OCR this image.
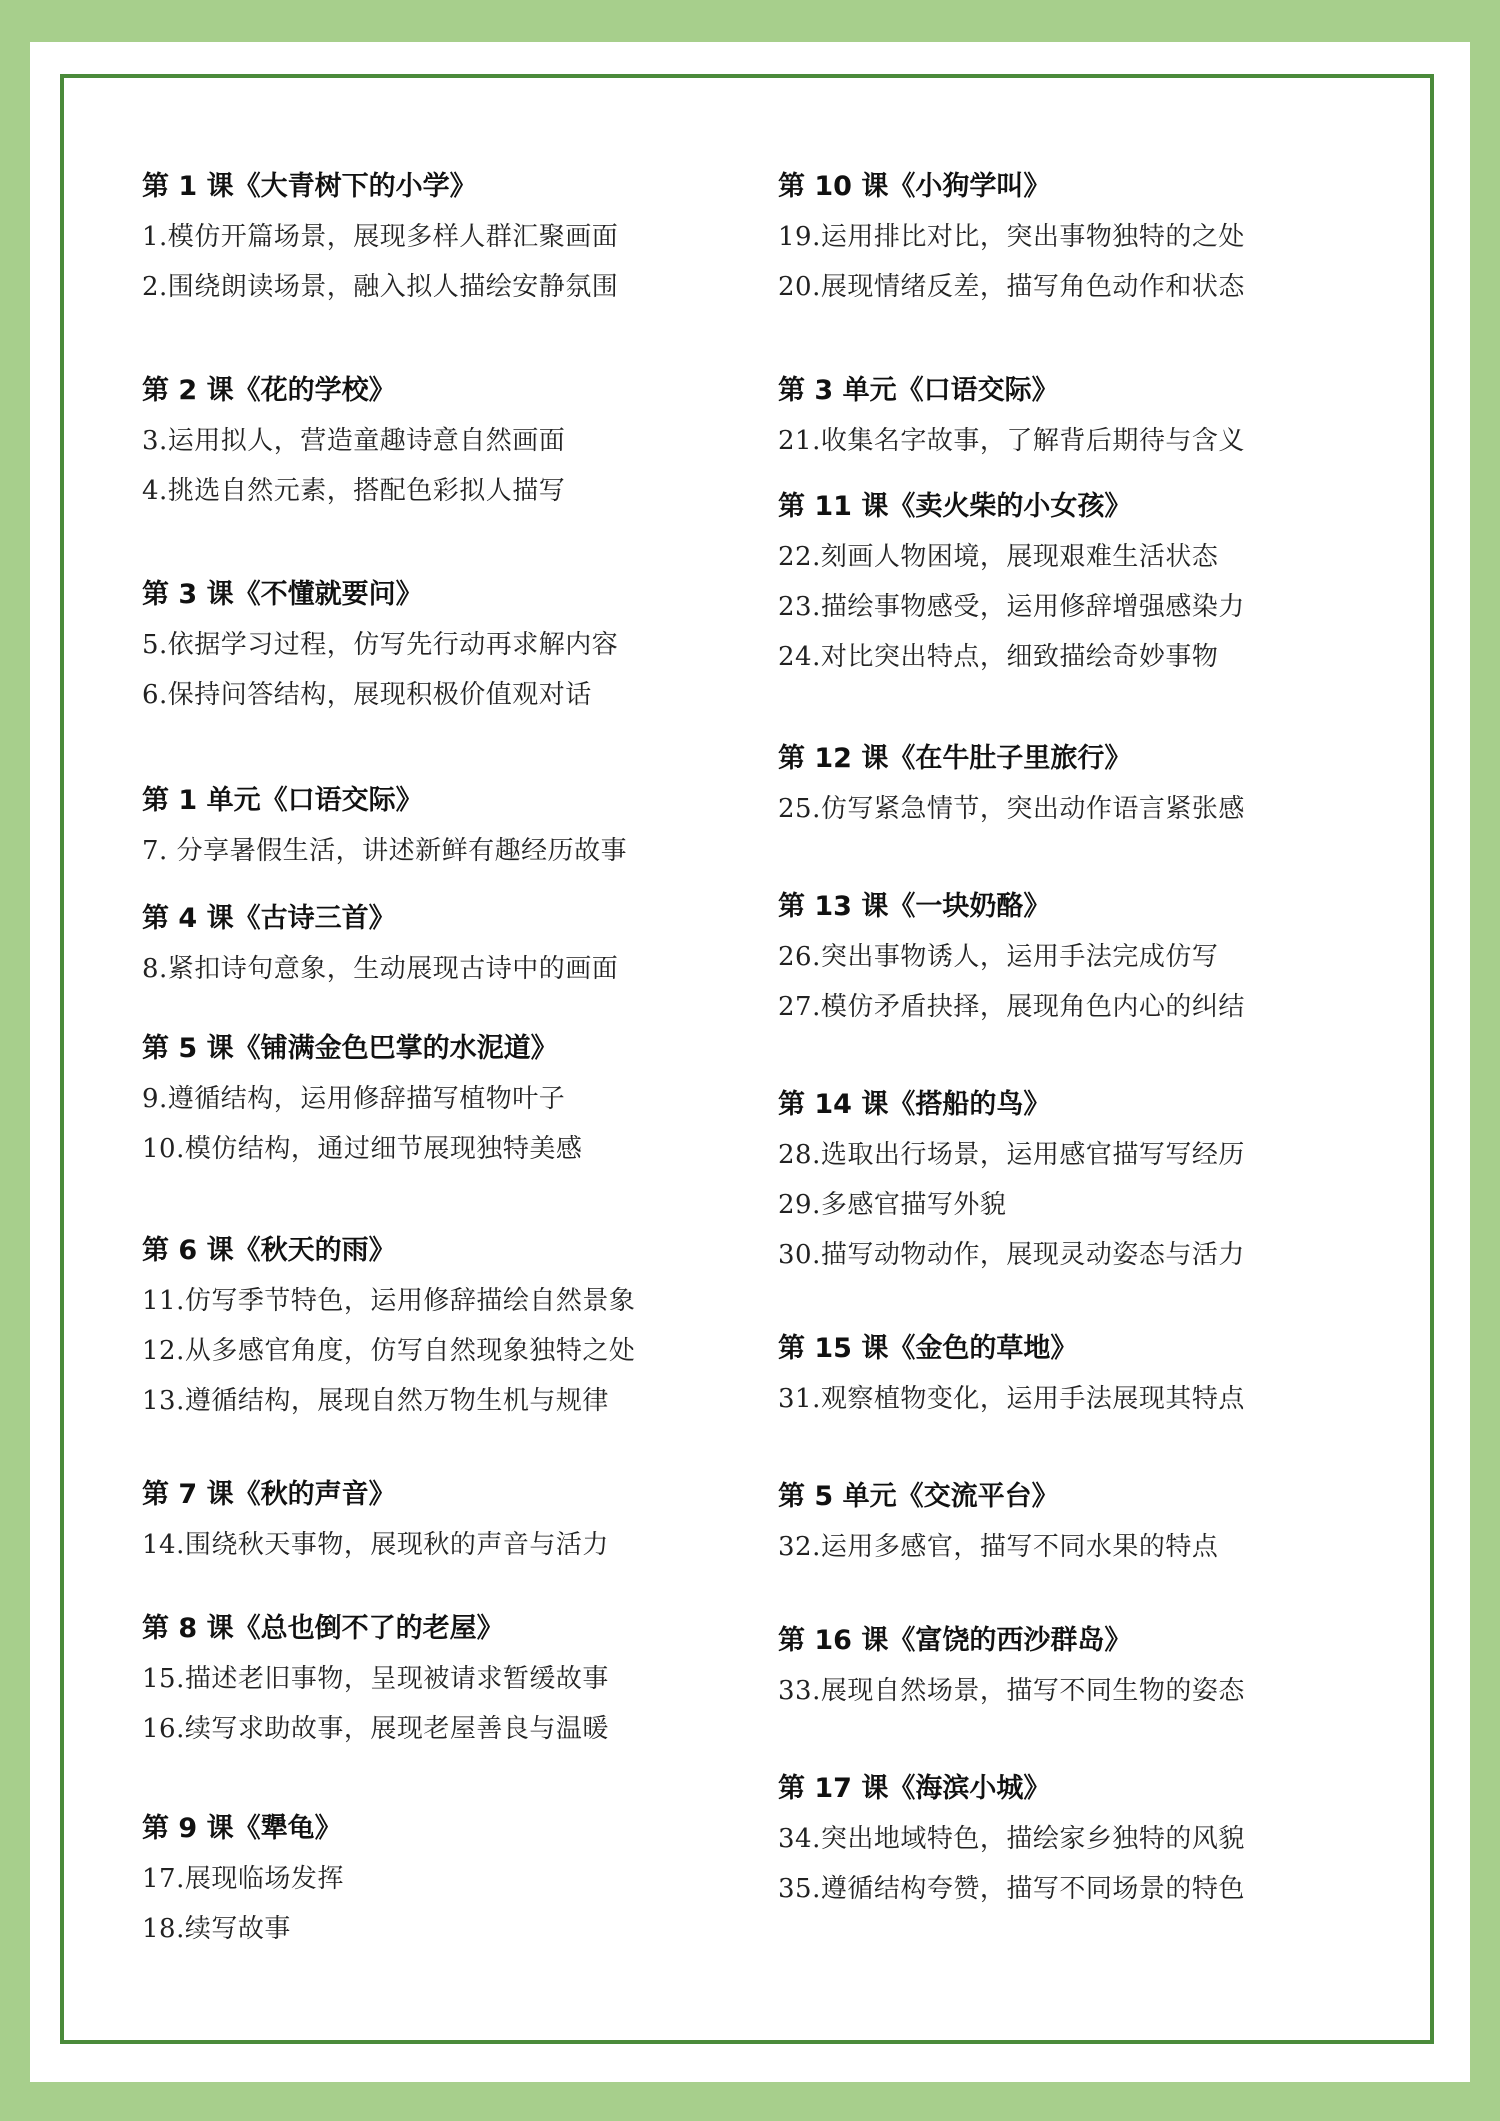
第 1 课《大青树下的小学》
1.模仿开篇场景，展现多样人群汇聚画面
2.围绕朗读场景，融入拟人描绘安静氛围
第 2 课《花的学校》
3.运用拟人，营造童趣诗意自然画面
4.挑选自然元素，搭配色彩拟人描写
第 3 课《不懂就要问》
5.依据学习过程，仿写先行动再求解内容
6.保持问答结构，展现积极价值观对话
第 1 单元《口语交际》
7. 分享暑假生活，讲述新鲜有趣经历故事
第 4 课《古诗三首》
8.紧扣诗句意象，生动展现古诗中的画面
第 5 课《铺满金色巴掌的水泥道》
9.遵循结构，运用修辞描写植物叶子
10.模仿结构，通过细节展现独特美感
第 6 课《秋天的雨》
11.仿写季节特色，运用修辞描绘自然景象
12.从多感官角度，仿写自然现象独特之处
13.遵循结构，展现自然万物生机与规律
第 7 课《秋的声音》
14.围绕秋天事物，展现秋的声音与活力
第 8 课《总也倒不了的老屋》
15.描述老旧事物，呈现被请求暂缓故事
16.续写求助故事，展现老屋善良与温暖
第 9 课《犟龟》
17.展现临场发挥
18.续写故事
第 10 课《小狗学叫》
19.运用排比对比，突出事物独特的之处
20.展现情绪反差，描写角色动作和状态
第 3 单元《口语交际》
21.收集名字故事，了解背后期待与含义
第 11 课《卖火柴的小女孩》
22.刻画人物困境，展现艰难生活状态
23.描绘事物感受，运用修辞增强感染力
24.对比突出特点，细致描绘奇妙事物
第 12 课《在牛肚子里旅行》
25.仿写紧急情节，突出动作语言紧张感
第 13 课《一块奶酪》
26.突出事物诱人，运用手法完成仿写
27.模仿矛盾抉择，展现角色内心的纠结
第 14 课《搭船的鸟》
28.选取出行场景，运用感官描写写经历
29.多感官描写外貌
30.描写动物动作，展现灵动姿态与活力
第 15 课《金色的草地》
31.观察植物变化，运用手法展现其特点
第 5 单元《交流平台》
32.运用多感官，描写不同水果的特点
第 16 课《富饶的西沙群岛》
33.展现自然场景，描写不同生物的姿态
第 17 课《海滨小城》
34.突出地域特色，描绘家乡独特的风貌
35.遵循结构夸赞，描写不同场景的特色
